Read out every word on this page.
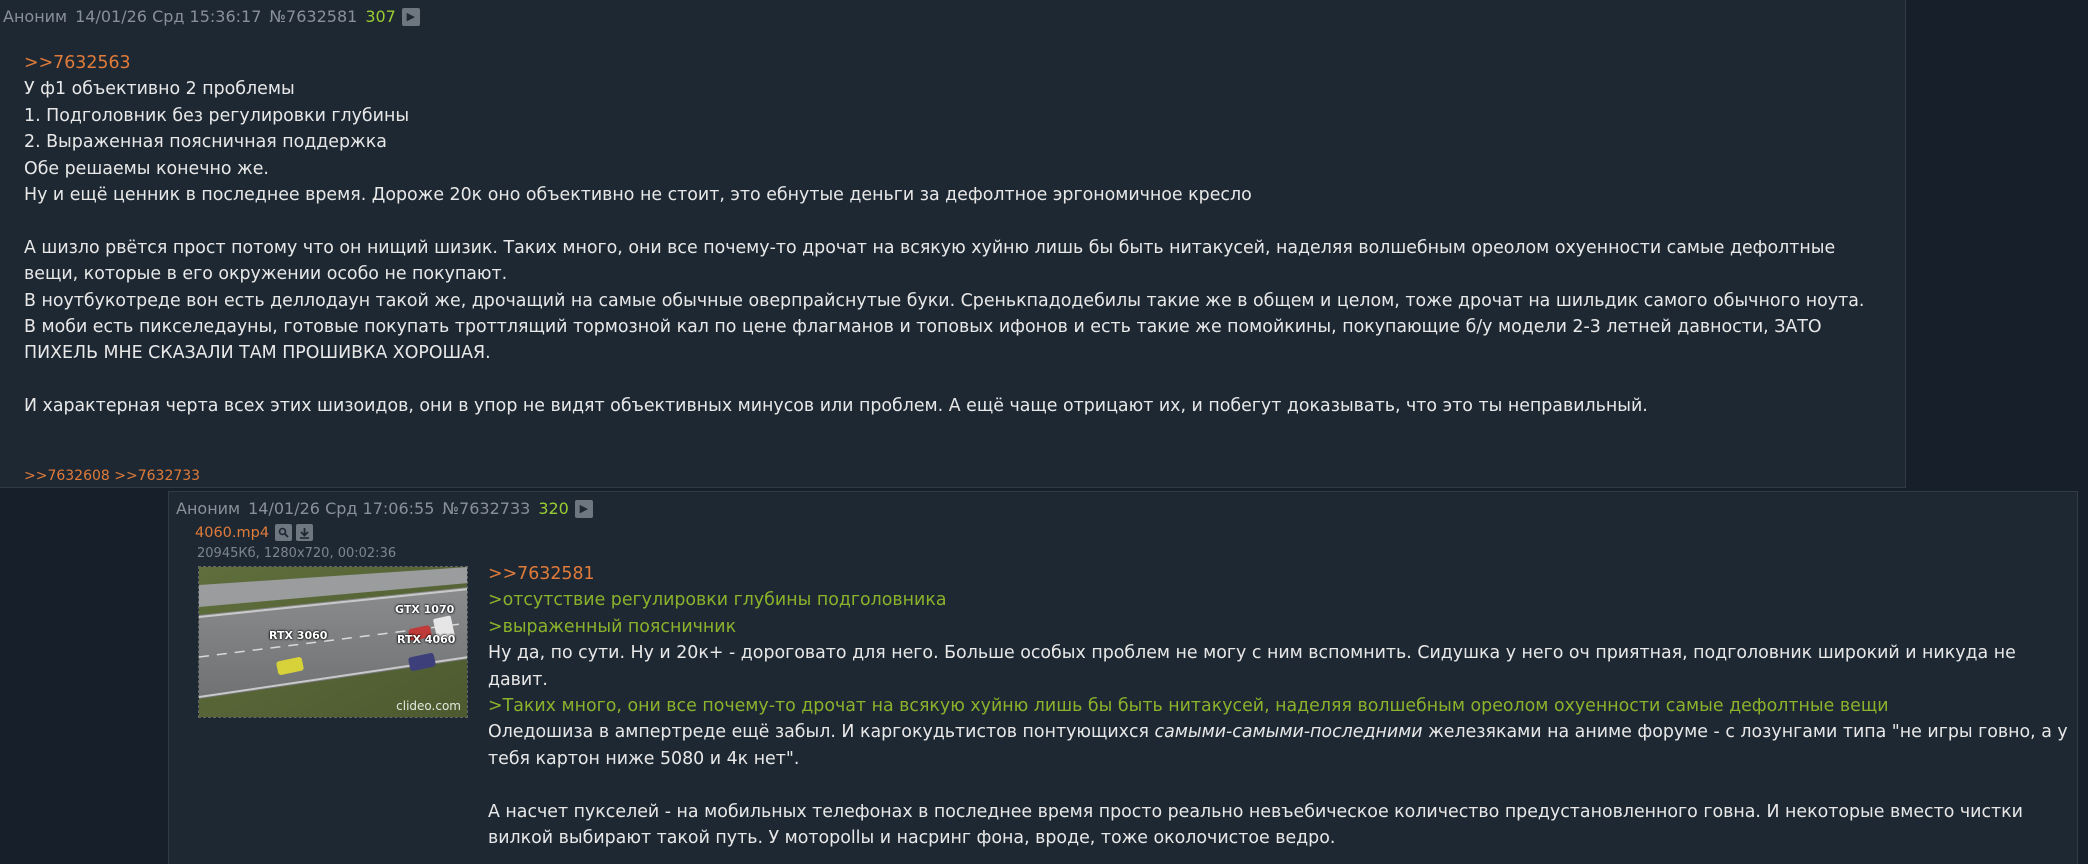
Аноним 14/01/26 Срд 15:36:17 №7632581 307 ▶
>>7632563
У ф1 объективно 2 проблемы
1. Подголовник без регулировки глубины
2. Выраженная поясничная поддержка
Обе решаемы конечно же.
Ну и ещё ценник в последнее время. Дороже 20к оно объективно не стоит, это ебнутые деньги за дефолтное эргономичное кресло
А шизло рвётся прост потому что он нищий шизик. Таких много, они все почему-то дрочат на всякую хуйню лишь бы быть нитакусей, наделяя волшебным ореолом охуенности самые дефолтные вещи, которые в его окружении особо не покупают.
В ноутбукотреде вон есть деллодаун такой же, дрочащий на самые обычные оверпрайснутые буки. Сренькпадодебилы такие же в общем и целом, тоже дрочат на шильдик самого обычного ноута.
В моби есть пикселедауны, готовые покупать троттлящий тормозной кал по цене флагманов и топовых ифонов и есть такие же помойкины, покупающие б/у модели 2-3 летней давности, ЗАТО ПИХЕЛЬ МНЕ СКАЗАЛИ ТАМ ПРОШИВКА ХОРОШАЯ.
И характерная черта всех этих шизоидов, они в упор не видят объективных минусов или проблем. А ещё чаще отрицают их, и побегут доказывать, что это ты неправильный.
>>7632608 >>7632733
Аноним 14/01/26 Срд 17:06:55 №7632733 320 ▶
4060.mp4
20945Кб, 1280x720, 00:02:36
RTX 3060
GTX 1070
RTX 4060
clideo.com
>>7632581
>отсутствие регулировки глубины подголовника
>выраженный поясничник
Ну да, по сути. Ну и 20к+ - дороговато для него. Больше особых проблем не могу с ним вспомнить. Сидушка у него оч приятная, подголовник широкий и никуда не давит.
>Таких много, они все почему-то дрочат на всякую хуйню лишь бы быть нитакусей, наделяя волшебным ореолом охуенности самые дефолтные вещи
Оледошиза в ампертреде ещё забыл. И каргокудьтистов понтующихся самыми-самыми-последними железяками на аниме форуме - с лозунгами типа "не игры говно, а у тебя картон ниже 5080 и 4к нет".
А насчет пукселей - на мобильных телефонах в последнее время просто реально невъебическое количество предустановленного говна. И некоторые вместо чистки вилкой выбирают такой путь. У моторollы и насринг фона, вроде, тоже околочистое ведро.
